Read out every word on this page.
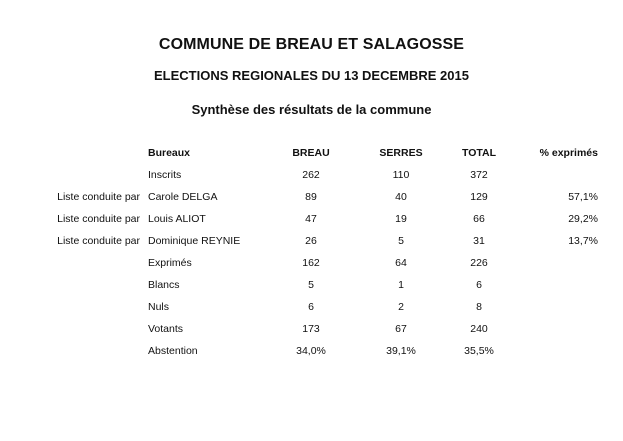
COMMUNE DE BREAU ET SALAGOSSE
ELECTIONS REGIONALES DU 13 DECEMBRE 2015
Synthèse des résultats de la commune
	Bureaux	BREAU	SERRES	TOTAL	% exprimés
	Inscrits	262	110	372	
Liste conduite par	Carole DELGA	89	40	129	57,1%
Liste conduite par	Louis ALIOT	47	19	66	29,2%
Liste conduite par	Dominique REYNIE	26	5	31	13,7%
	Exprimés	162	64	226	
	Blancs	5	1	6	
	Nuls	6	2	8	
	Votants	173	67	240	
	Abstention	34,0%	39,1%	35,5%	
